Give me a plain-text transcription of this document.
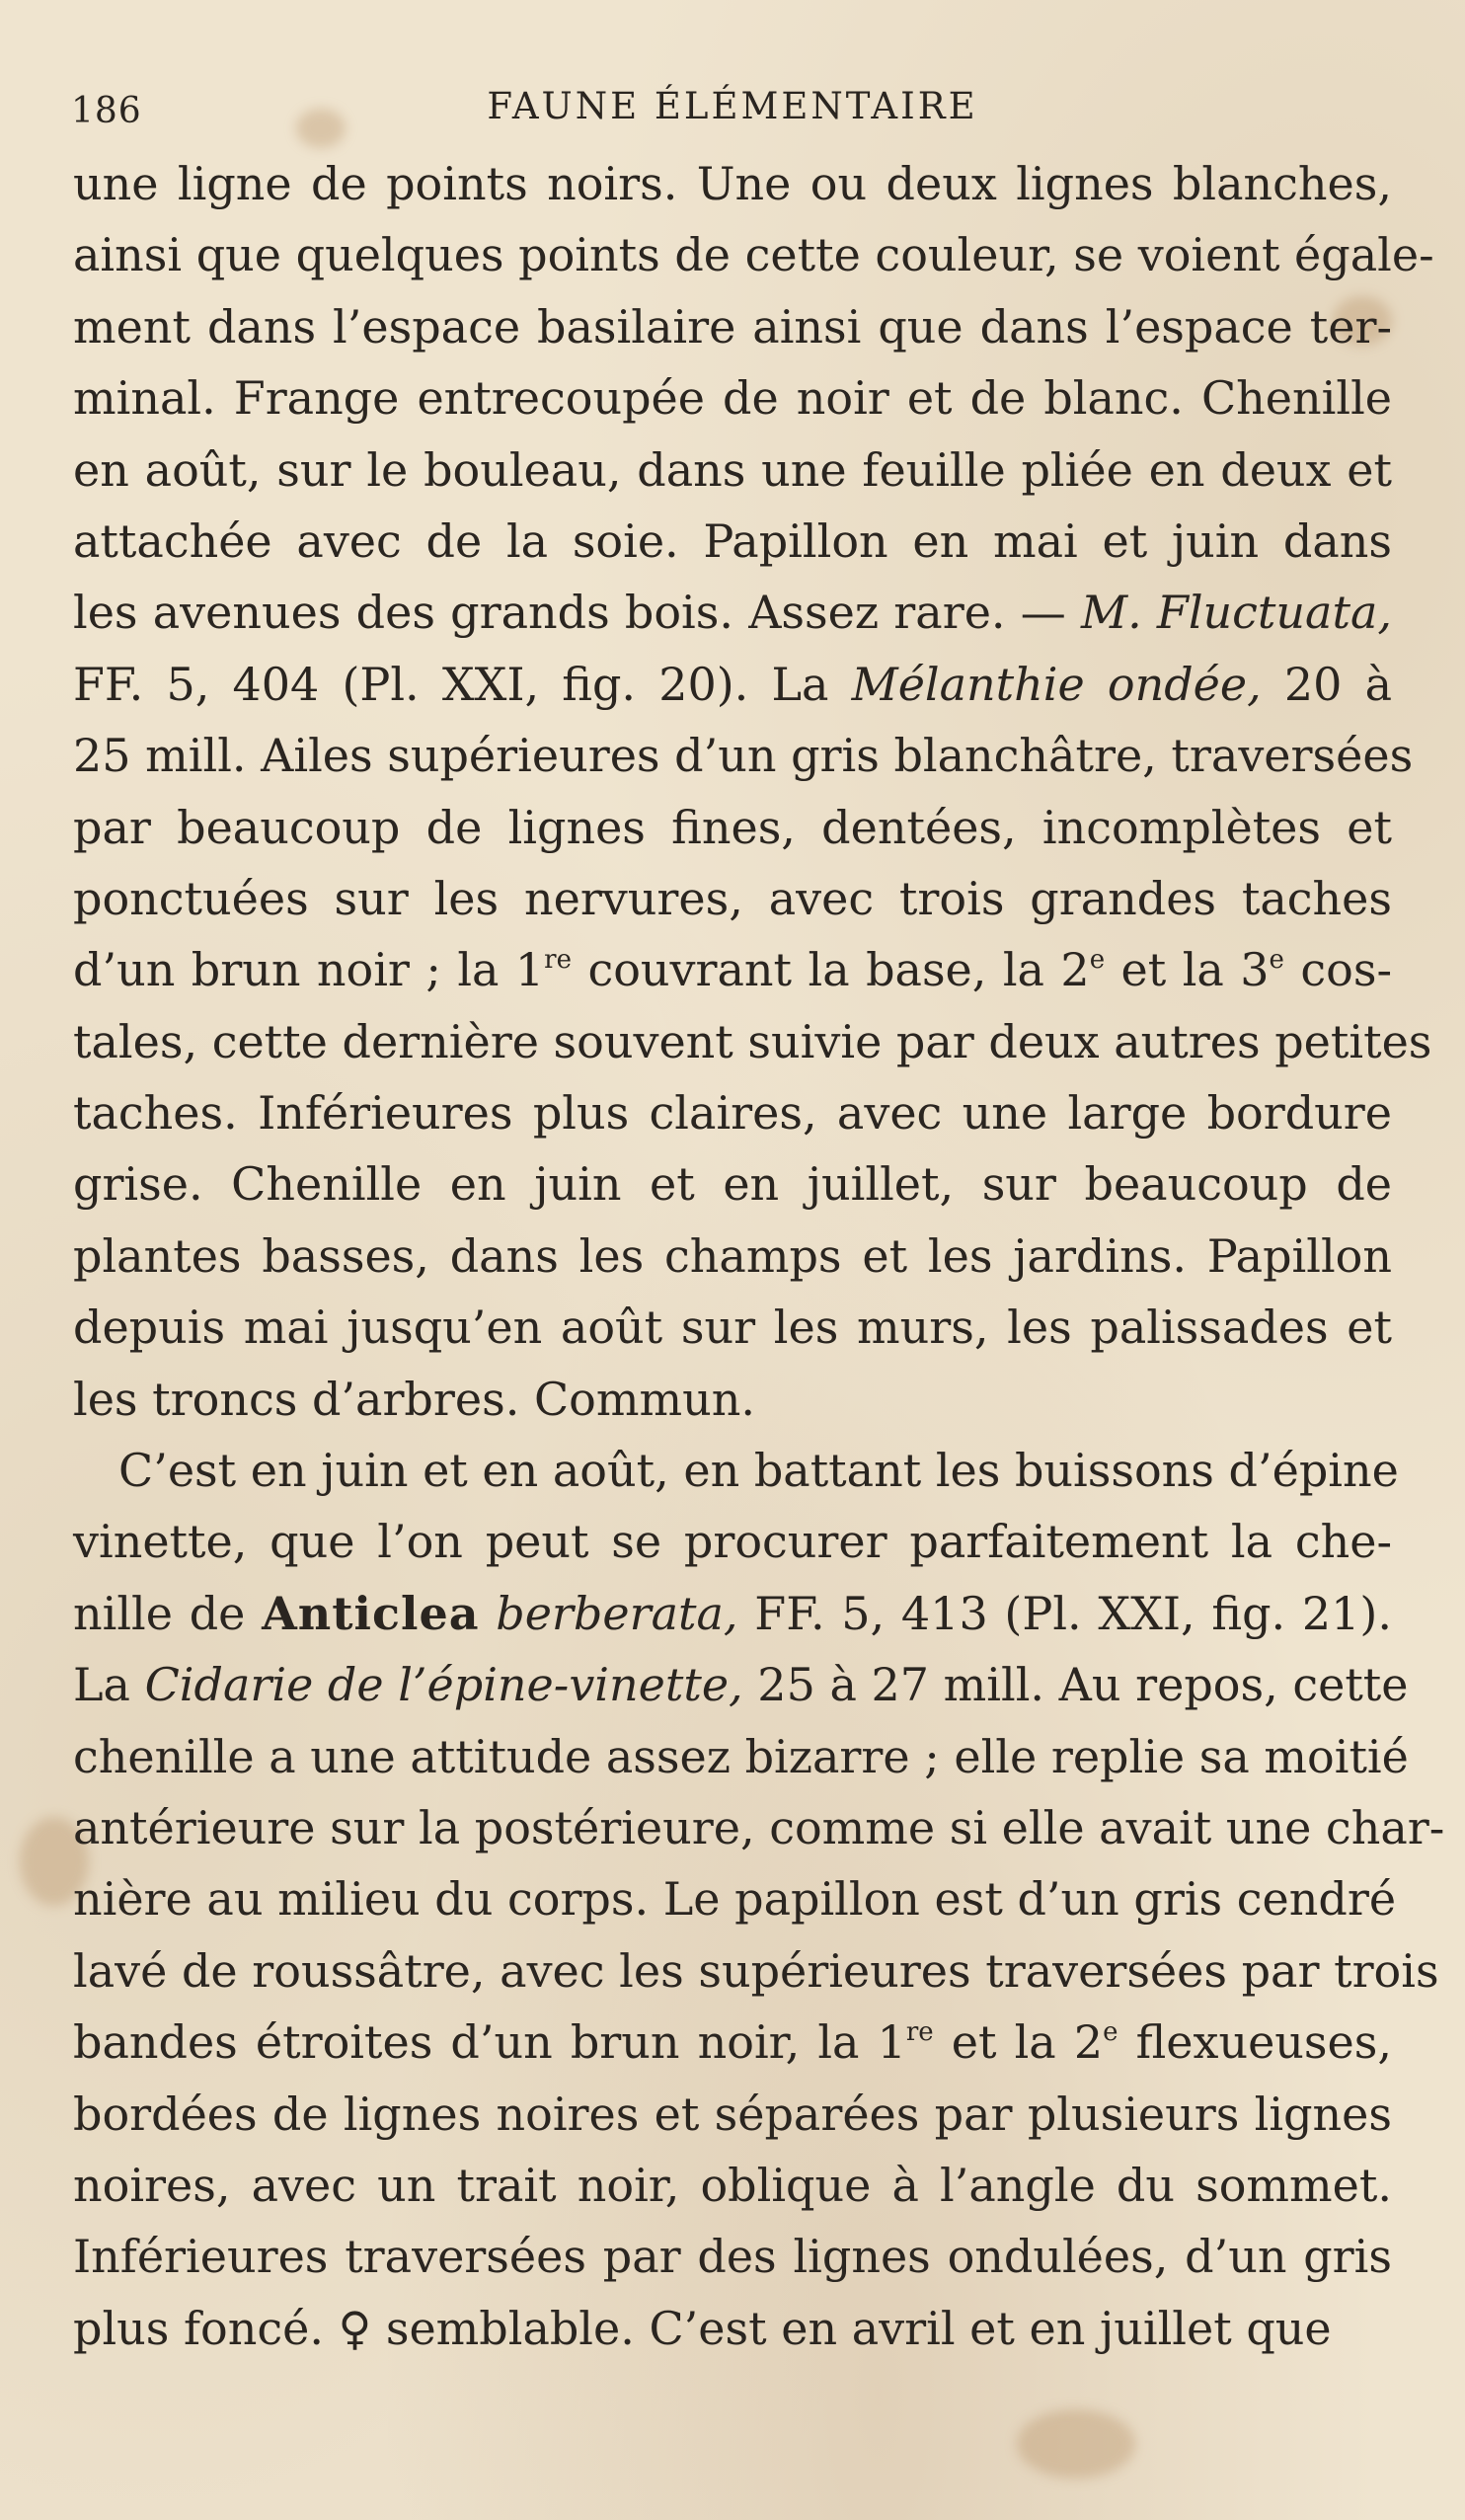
186	FAUNE ÉLÉMENTAIRE
une ligne de points noirs. Une ou deux lignes blanches,
ainsi que quelques points de cette couleur, se voient égale-
ment dans l’espace basilaire ainsi que dans l’espace ter-
minal. Frange entrecoupée de noir et de blanc. Chenille
en août, sur le bouleau, dans une feuille pliée en deux et
attachée avec de la soie. Papillon en mai et juin dans
les avenues des grands bois. Assez rare. — M. Fluctuata,
FF. 5, 404 (Pl. XXI, fig. 20). La Mélanthie ondée, 20 à
25 mill. Ailes supérieures d’un gris blanchâtre, traversées
par beaucoup de lignes fines, dentées, incomplètes et
ponctuées sur les nervures, avec trois grandes taches
d’un brun noir ; la 1re couvrant la base, la 2e et la 3e cos-
tales, cette dernière souvent suivie par deux autres petites
taches. Inférieures plus claires, avec une large bordure
grise. Chenille en juin et en juillet, sur beaucoup de
plantes basses, dans les champs et les jardins. Papillon
depuis mai jusqu’en août sur les murs, les palissades et
les troncs d’arbres. Commun.
C’est en juin et en août, en battant les buissons d’épine
vinette, que l’on peut se procurer parfaitement la che-
nille de Anticlea berberata, FF. 5, 413 (Pl. XXI, fig. 21).
La Cidarie de l’épine-vinette, 25 à 27 mill. Au repos, cette
chenille a une attitude assez bizarre ; elle replie sa moitié
antérieure sur la postérieure, comme si elle avait une char-
nière au milieu du corps. Le papillon est d’un gris cendré
lavé de roussâtre, avec les supérieures traversées par trois
bandes étroites d’un brun noir, la 1re et la 2e flexueuses,
bordées de lignes noires et séparées par plusieurs lignes
noires, avec un trait noir, oblique à l’angle du sommet.
Inférieures traversées par des lignes ondulées, d’un gris
plus foncé. ♀ semblable. C’est en avril et en juillet que
